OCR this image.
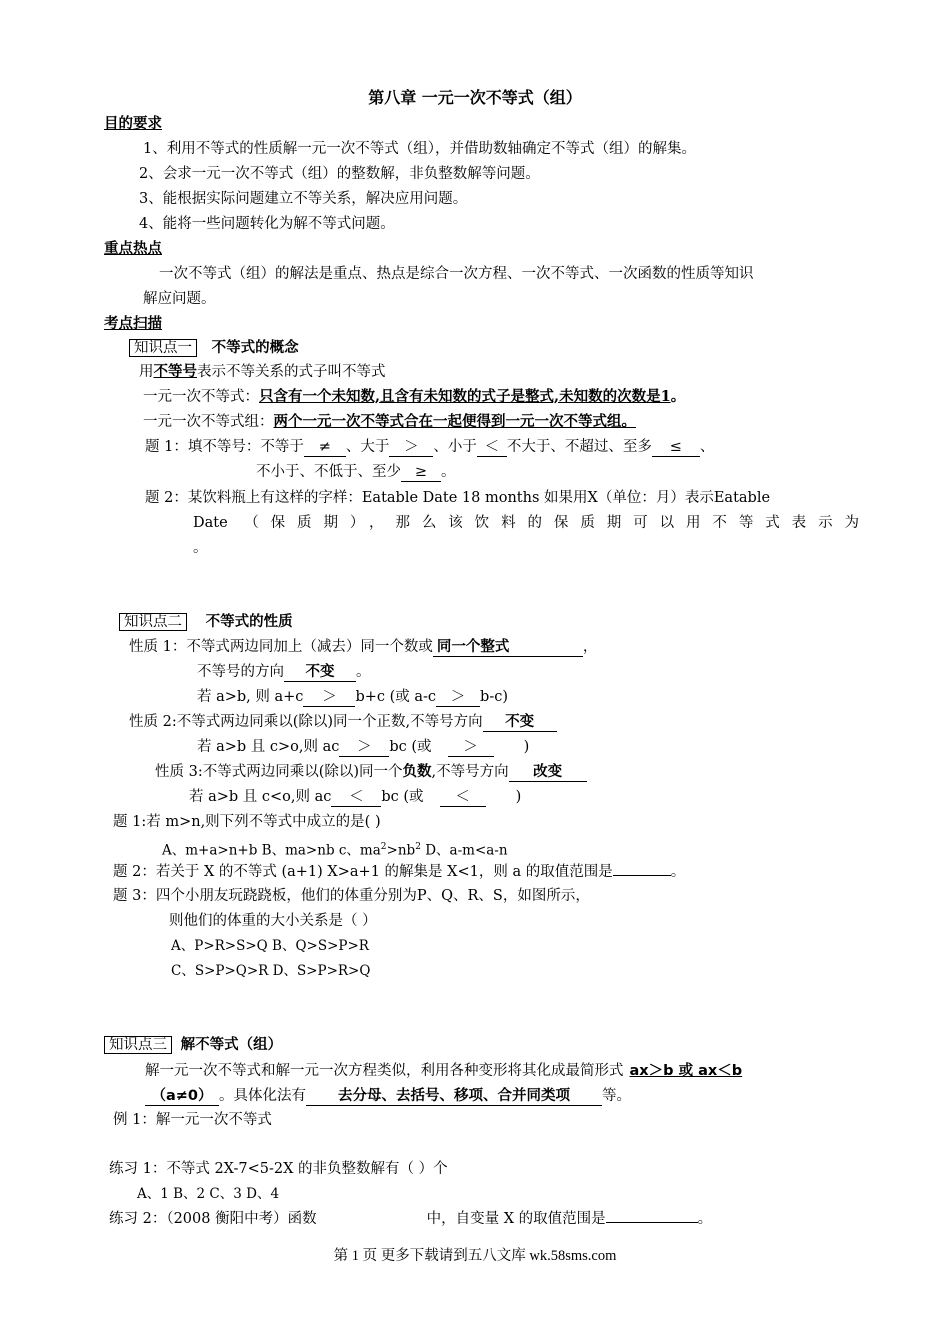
第八章 一元一次不等式（组）
目的要求
1、利用不等式的性质解一元一次不等式（组），并借助数轴确定不等式（组）的解集。
2、会求一元一次不等式（组）的整数解，非负整数解等问题。
3、能根据实际问题建立不等关系，解决应用问题。
4、能将一些问题转化为解不等式问题。
重点热点
一次不等式（组）的解法是重点、热点是综合一次方程、一次不等式、一次函数的性质等知识
解应问题。
考点扫描
知识点一 不等式的概念
用不等号表示不等关系的式子叫不等式
一元一次不等式：只含有一个未知数,且含有未知数的式子是整式,未知数的次数是1。
一元一次不等式组：两个一元一次不等式合在一起便得到一元一次不等式组。
题 1：填不等号：不等于 ≠ 、大于 ＞ 、小于 ＜ 不大于、不超过、至多 ≤ 、
不小于、不低于、至少 ≥ 。
题 2：某饮料瓶上有这样的字样：Eatable Date 18 months 如果用X（单位：月）表示Eatable
Date （保质期），那么该饮料的保质期可以用不等式表示为
。
知识点二 不等式的性质
性质 1：不等式两边同加上（减去）同一个数或 同一个整式	，
不等号的方向 不变 。
若 a>b, 则 a+c ＞ b+c (或 a-c ＞ b-c)
性质 2:不等式两边同乘以(除以)同一个正数,不等号方向 不变
若 a>b 且 c>o,则 ac ＞ bc (或 ＞	)
性质 3:不等式两边同乘以(除以)同一个负数,不等号方向 改变
若 a>b 且 c<o,则 ac ＜ bc (或 ＜	)
题 1:若 m>n,则下列不等式中成立的是( )
A、m+a>n+b B、ma>nb c、$ma^2>nb^2$ D、a-m<a-n
题 2：若关于 X 的不等式 (a+1) X>a+1 的解集是 X<1，则 a 的取值范围是	。
题 3：四个小朋友玩跷跷板，他们的体重分别为P、Q、R、S，如图所示，
则他们的体重的大小关系是（ ）
A、P>R>S>Q B、Q>S>P>R
C、S>P>Q>R D、S>P>R>Q
知识点三 解不等式（组）
解一元一次不等式和解一元一次方程类似，利用各种变形将其化成最简形式 ax＞b 或 ax＜b
（a≠0） 。具体化法有 去分母、去括号、移项、合并同类项 等。
例 1：解一元一次不等式
练习 1：不等式 2X-7<5-2X 的非负整数解有（ ）个
A、1 B、2 C、3 D、4
练习 2：（2008 衡阳中考）函数	中，自变量 X 的取值范围是	。
第 1 页 更多下载请到五八文库 wk.58sms.com
